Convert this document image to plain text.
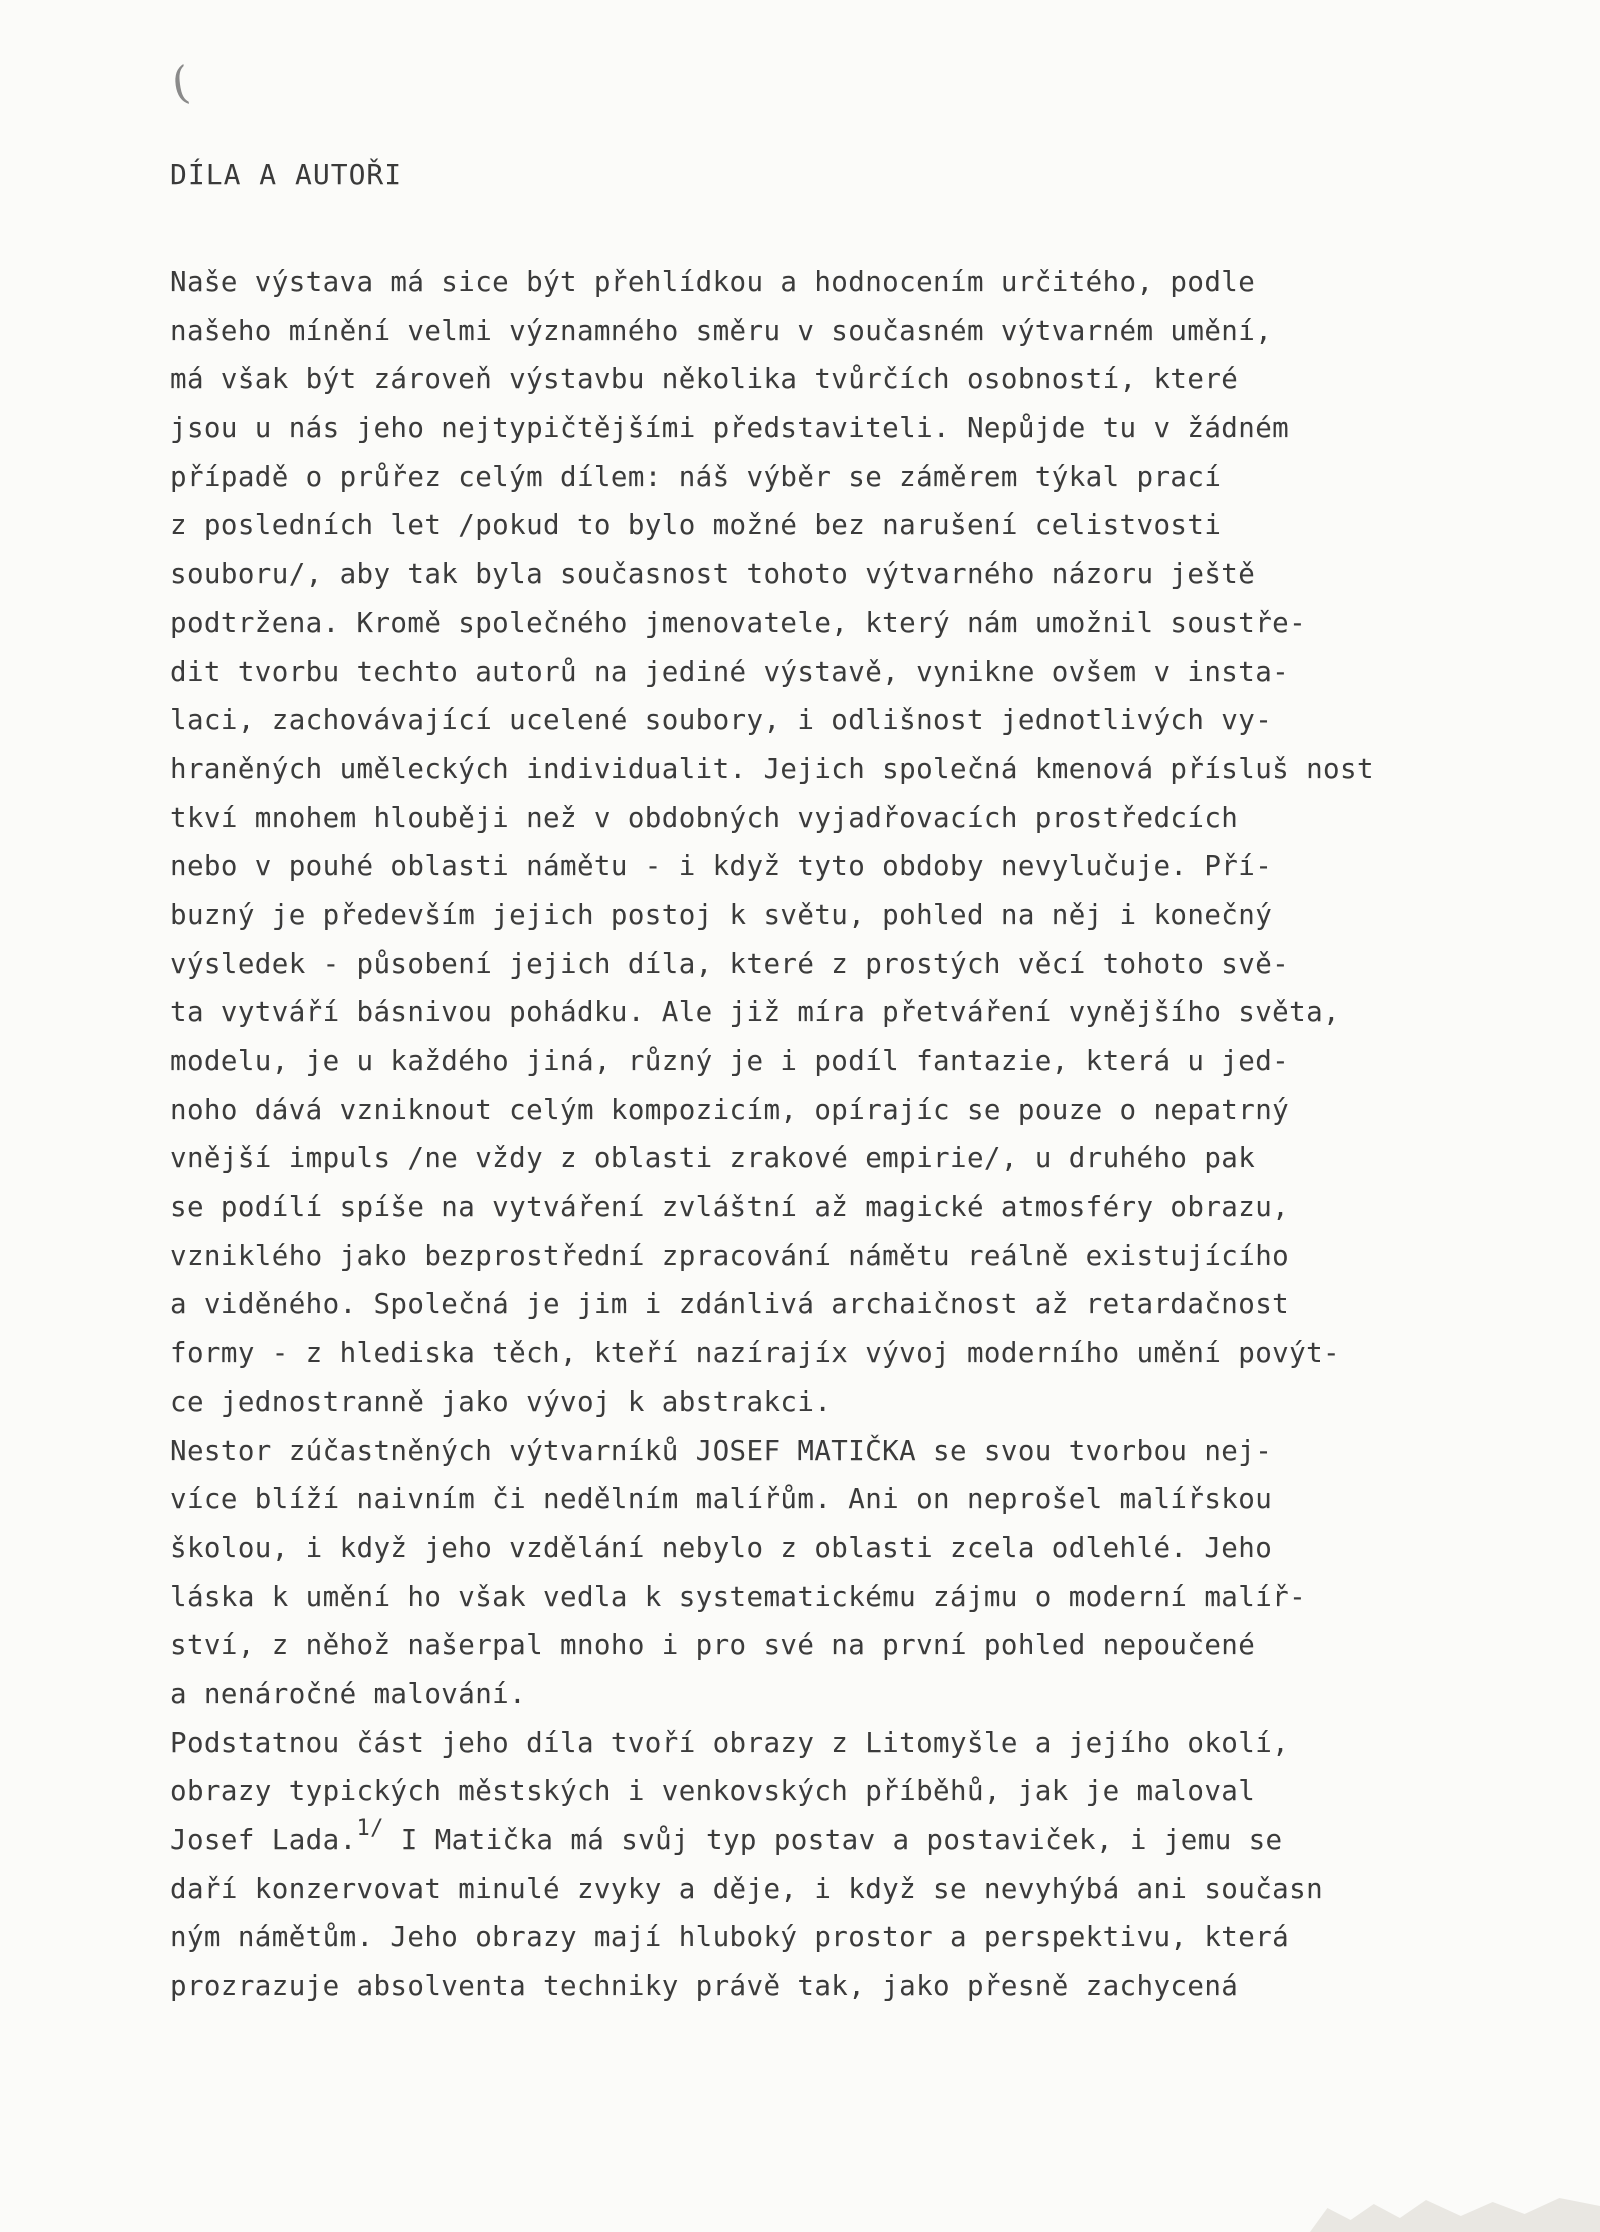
(
DÍLA A AUTOŘI
Naše výstava má sice být přehlídkou a hodnocením určitého, podle
našeho mínění velmi významného směru v současném výtvarném umění,
má však být zároveň výstavbu několika tvůrčích osobností, které
jsou u nás jeho nejtypičtějšími představiteli. Nepůjde tu v žádném
případě o průřez celým dílem: náš výběr se záměrem týkal prací
z posledních let /pokud to bylo možné bez narušení celistvosti
souboru/, aby tak byla současnost tohoto výtvarného názoru ještě
podtržena. Kromě společného jmenovatele, který nám umožnil soustře-
dit tvorbu techto autorů na jediné výstavě, vynikne ovšem v insta-
laci, zachovávající ucelené soubory, i odlišnost jednotlivých vy-
hraněných uměleckých individualit. Jejich společná kmenová přísluš nost
tkví mnohem hlouběji než v obdobných vyjadřovacích prostředcích
nebo v pouhé oblasti námětu - i když tyto obdoby nevylučuje. Pří-
buzný je především jejich postoj k světu, pohled na něj i konečný
výsledek - působení jejich díla, které z prostých věcí tohoto svě-
ta vytváří básnivou pohádku. Ale již míra přetváření vynějšího světa,
modelu, je u každého jiná, různý je i podíl fantazie, která u jed-
noho dává vzniknout celým kompozicím, opírajíc se pouze o nepatrný
vnější impuls /ne vždy z oblasti zrakové empirie/, u druhého pak
se podílí spíše na vytváření zvláštní až magické atmosféry obrazu,
vzniklého jako bezprostřední zpracování námětu reálně existujícího
a viděného. Společná je jim i zdánlivá archaičnost až retardačnost
formy - z hlediska těch, kteří nazírajíx vývoj moderního umění povýt-
ce jednostranně jako vývoj k abstrakci.
Nestor zúčastněných výtvarníků JOSEF MATIČKA se svou tvorbou nej-
více blíží naivním či nedělním malířům. Ani on neprošel malířskou
školou, i když jeho vzdělání nebylo z oblasti zcela odlehlé. Jeho
láska k umění ho však vedla k systematickému zájmu o moderní malíř-
ství, z něhož našerpal mnoho i pro své na první pohled nepoučené
a nenáročné malování.
Podstatnou část jeho díla tvoří obrazy z Litomyšle a jejího okolí,
obrazy typických městských i venkovských příběhů, jak je maloval
Josef Lada.$^{1/}$ I Matička má svůj typ postav a postaviček, i jemu se
daří konzervovat minulé zvyky a děje, i když se nevyhýbá ani současn
ným námětům. Jeho obrazy mají hluboký prostor a perspektivu, která
prozrazuje absolventa techniky právě tak, jako přesně zachycená
